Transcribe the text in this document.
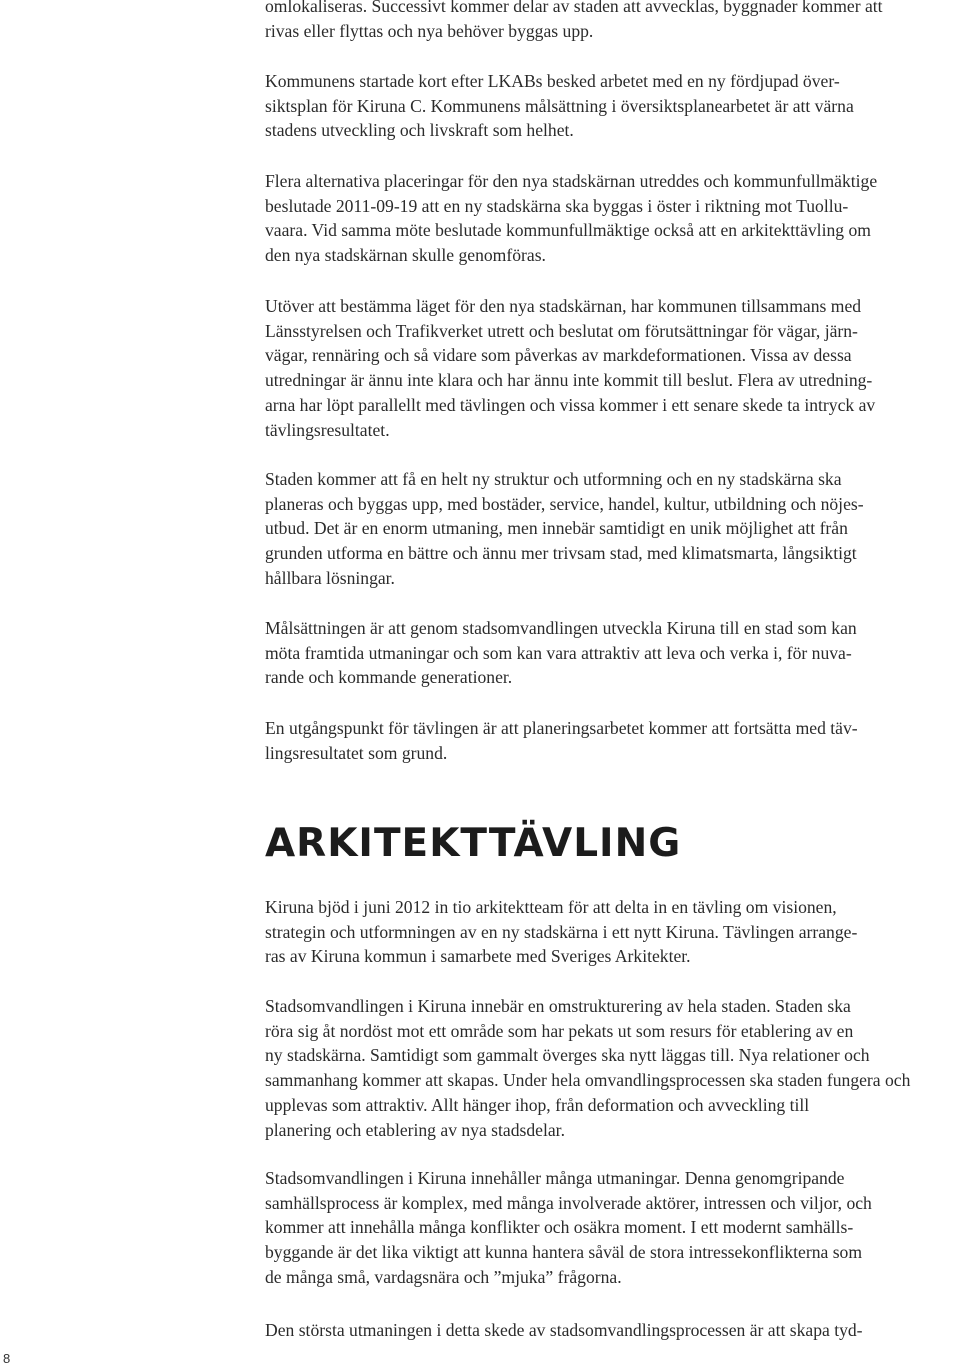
omlokaliseras. Successivt kommer delar av staden att avvecklas, byggnader kommer att
rivas eller flyttas och nya behöver byggas upp.

Kommunens startade kort efter LKABs besked arbetet med en ny fördjupad över-
siktsplan för Kiruna C. Kommunens målsättning i översiktsplanearbetet är att värna
stadens utveckling och livskraft som helhet.

Flera alternativa placeringar för den nya stadskärnan utreddes och kommunfullmäktige
beslutade 2011-09-19 att en ny stadskärna ska byggas i öster i riktning mot Tuollu-
vaara. Vid samma möte beslutade kommunfullmäktige också att en arkitekttävling om
den nya stadskärnan skulle genomföras.

Utöver att bestämma läget för den nya stadskärnan, har kommunen tillsammans med
Länsstyrelsen och Trafikverket utrett och beslutat om förutsättningar för vägar, järn-
vägar, rennäring och så vidare som påverkas av markdeformationen. Vissa av dessa
utredningar är ännu inte klara och har ännu inte kommit till beslut. Flera av utredning-
arna har löpt parallellt med tävlingen och vissa kommer i ett senare skede ta intryck av
tävlingsresultatet.

Staden kommer att få en helt ny struktur och utformning och en ny stadskärna ska
planeras och byggas upp, med bostäder, service, handel, kultur, utbildning och nöjes-
utbud. Det är en enorm utmaning, men innebär samtidigt en unik möjlighet att från
grunden utforma en bättre och ännu mer trivsam stad, med klimatsmarta, långsiktigt
hållbara lösningar.

Målsättningen är att genom stadsomvandlingen utveckla Kiruna till en stad som kan
möta framtida utmaningar och som kan vara attraktiv att leva och verka i, för nuva-
rande och kommande generationer.

En utgångspunkt för tävlingen är att planeringsarbetet kommer att fortsätta med täv-
lingsresultatet som grund.

ARKITEKTTÄVLING

Kiruna bjöd i juni 2012 in tio arkitektteam för att delta in en tävling om visionen,
strategin och utformningen av en ny stadskärna i ett nytt Kiruna. Tävlingen arrange-
ras av Kiruna kommun i samarbete med Sveriges Arkitekter.

Stadsomvandlingen i Kiruna innebär en omstrukturering av hela staden. Staden ska
röra sig åt nordöst mot ett område som har pekats ut som resurs för etablering av en
ny stadskärna. Samtidigt som gammalt överges ska nytt läggas till. Nya relationer och
sammanhang kommer att skapas. Under hela omvandlingsprocessen ska staden fungera och upplevas som attraktiv. Allt hänger ihop, från deformation och avveckling till
planering och etablering av nya stadsdelar.

Stadsomvandlingen i Kiruna innehåller många utmaningar. Denna genomgripande
samhällsprocess är komplex, med många involverade aktörer, intressen och viljor, och
kommer att innehålla många konflikter och osäkra moment. I ett modernt samhälls-
byggande är det lika viktigt att kunna hantera såväl de stora intressekonflikterna som
de många små, vardagsnära och ”mjuka” frågorna.

Den största utmaningen i detta skede av stadsomvandlingsprocessen är att skapa tyd-

8
